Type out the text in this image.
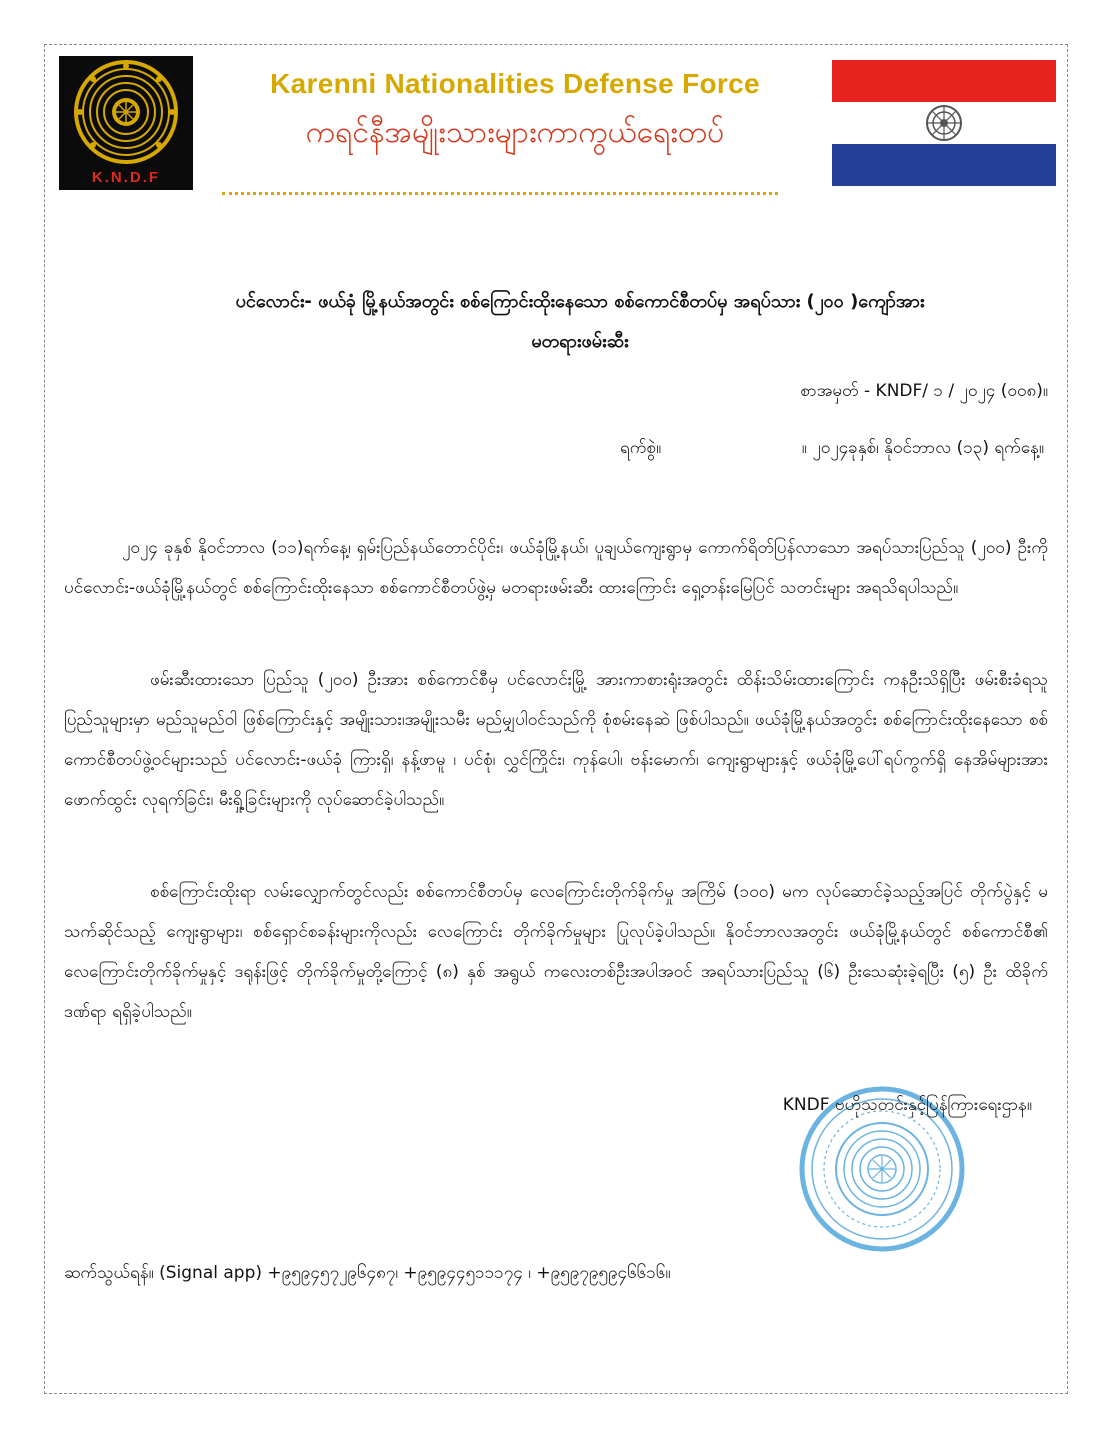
K.N.D.F
Karenni Nationalities Defense Force
ကရင်နီအမျိုးသားများကာကွယ်ရေးတပ်
ပင်လောင်း- ဖယ်ခုံ မြို့နယ်အတွင်း စစ်ကြောင်းထိုးနေသော စစ်ကောင်စီတပ်မှ အရပ်သား (၂၀၀ )ကျော်အား
မတရားဖမ်းဆီး
စာအမှတ် - KNDF/ ၁ / ၂၀၂၄ (၀၀၈)။
ရက်စွဲ။	။ ၂၀၂၄ခုနှစ်၊ နိုဝင်ဘာလ (၁၃) ရက်နေ့။

၂၀၂၄ ခုနှစ် နိုဝင်ဘာလ (၁၁)ရက်နေ့၊ ရှမ်းပြည်နယ်တောင်ပိုင်း၊ ဖယ်ခုံမြို့နယ်၊ ပူချယ်ကျေးရွာမှ ကောက်ရိတ်ပြန်လာသော အရပ်သားပြည်သူ (၂၀၀) ဦးကို ပင်လောင်း-ဖယ်ခုံမြို့နယ်တွင် စစ်ကြောင်းထိုးနေသာ စစ်ကောင်စီတပ်ဖွဲ့မှ မတရားဖမ်းဆီး ထားကြောင်း ရှေ့တန်းမြေပြင် သတင်းများ အရသိရပါသည်။

ဖမ်းဆီးထားသော ပြည်သူ (၂၀၀) ဦးအား စစ်ကောင်စီမှ ပင်လောင်းမြို့ အားကာစားရုံးအတွင်း ထိန်းသိမ်းထားကြောင်း ကနဦးသိရှိပြီး ဖမ်းစီးခံရသူ ပြည်သူများမှာ မည်သူမည်ဝါ ဖြစ်ကြောင်းနှင့် အမျိုးသား၊အမျိုးသမီး မည်မျှပါဝင်သည်ကို စုံစမ်းနေဆဲ ဖြစ်ပါသည်။ ဖယ်ခုံမြို့နယ်အတွင်း စစ်ကြောင်းထိုးနေသော စစ်ကောင်စီတပ်ဖွဲ့ဝင်များသည် ပင်လောင်း-ဖယ်ခုံ ကြားရှိ၊ နန့်ဖာမူ ၊ ပင်စုံ၊ လွှင်ကြိုင်း၊ ကုန်ပေါ၊ ဗန်းမောက်၊ ကျေးရွာများနှင့် ဖယ်ခုံမြို့ပေါ်ရပ်ကွက်ရှိ နေအိမ်များအား ဖောက်ထွင်း လုရက်ခြင်း၊ မီးရှို့ခြင်းများကို လုပ်ဆောင်ခဲ့ပါသည်။

စစ်ကြောင်းထိုးရာ လမ်းလျှောက်တွင်လည်း စစ်ကောင်စီတပ်မှ လေကြောင်းတိုက်ခိုက်မှု အကြိမ် (၁၀၀) မက လုပ်ဆောင်ခဲ့သည့်အပြင် တိုက်ပွဲနှင့် မသက်ဆိုင်သည့် ကျေးရွာများ၊ စစ်ရှောင်စခန်းများကိုလည်း လေကြောင်း တိုက်ခိုက်မှုများ ပြုလုပ်ခဲ့ပါသည်။ နိုဝင်ဘာလအတွင်း ဖယ်ခုံမြို့နယ်တွင် စစ်ကောင်စီ၏ လေကြောင်းတိုက်ခိုက်မှုနှင့် ဒရုန်းဖြင့် တိုက်ခိုက်မှုတို့ကြောင့် (၈) နှစ် အရွယ် ကလေးတစ်ဦးအပါအဝင် အရပ်သားပြည်သူ (၆) ဦးသေဆုံးခဲ့ရပြီး (၅) ဦး ထိခိုက်ဒဏ်ရာ ရရှိခဲ့ပါသည်။

KNDF ဗဟိုသတင်းနှင့်ပြန်ကြားရေးဌာန။
ဆက်သွယ်ရန်။ (Signal app) +၉၅၉၄၅၇၂၉၆၄၈၇၊ +၉၅၉၄၄၅၁၁၁၇၄ ၊ +၉၅၉၇၉၅၉၄၆၆၁၆။
